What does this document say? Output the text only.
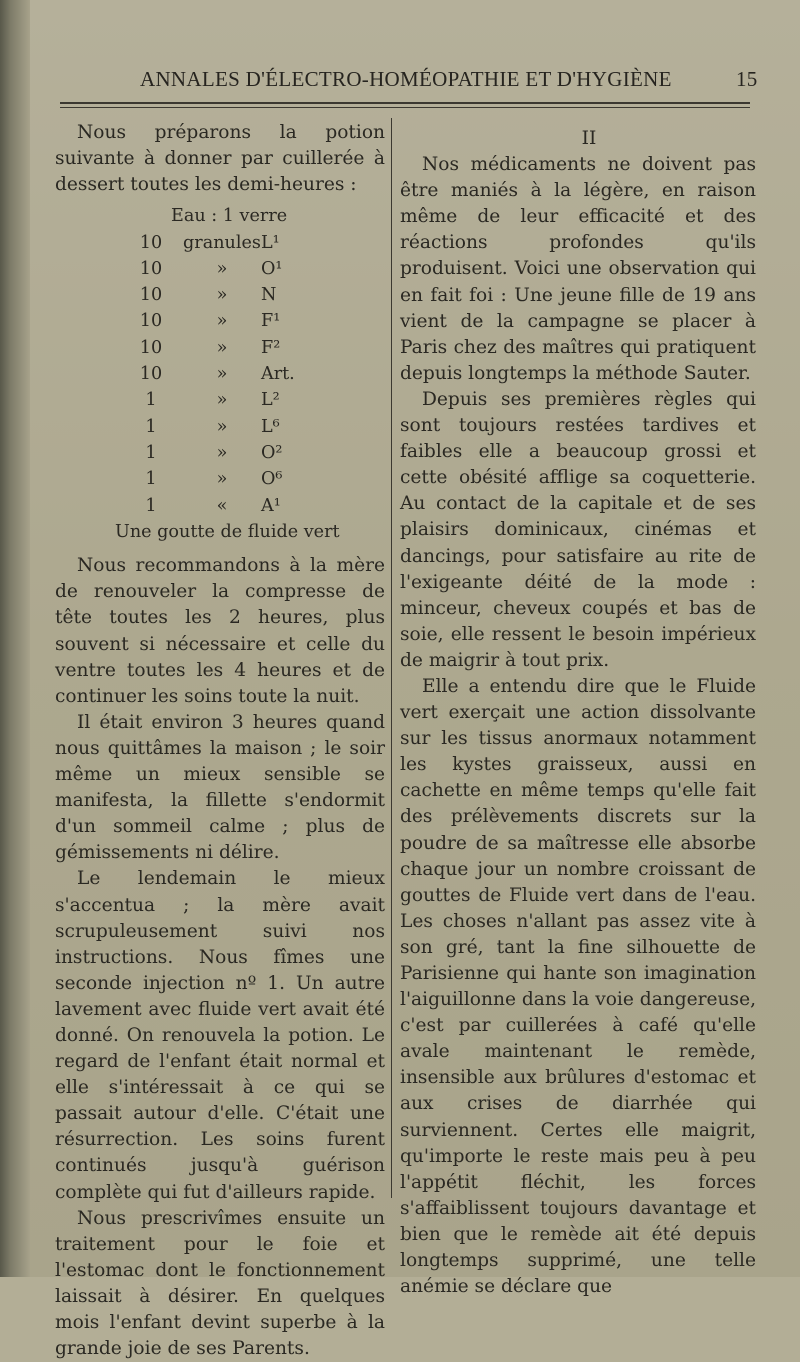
ANNALES D'ÉLECTRO-HOMÉOPATHIE ET D'HYGIÈNE	15

Nous préparons la potion suivante à donner par cuillerée à dessert toutes les demi-heures :

Eau : 1 verre
10	granules L¹
10	»	O¹
10	»	N
10	»	F¹
10	»	F²
10	»	Art.
1	»	L²
1	»	L⁶
1	»	O²
1	»	O⁶
1	«	A¹
Une goutte de fluide vert

Nous recommandons à la mère de renouveler la compresse de tête toutes les 2 heures, plus souvent si nécessaire et celle du ventre toutes les 4 heures et de continuer les soins toute la nuit.

Il était environ 3 heures quand nous quittâmes la maison ; le soir même un mieux sensible se manifesta, la fillette s'endormit d'un sommeil calme ; plus de gémissements ni délire.

Le lendemain le mieux s'accentua ; la mère avait scrupuleusement suivi nos instructions. Nous fîmes une seconde injection nº 1. Un autre lavement avec fluide vert avait été donné. On renouvela la potion. Le regard de l'enfant était normal et elle s'intéressait à ce qui se passait autour d'elle. C'était une résurrection. Les soins furent continués jusqu'à guérison complète qui fut d'ailleurs rapide.

Nous prescrivîmes ensuite un traitement pour le foie et l'estomac dont le fonctionnement laissait à désirer. En quelques mois l'enfant devint superbe à la grande joie de ses Parents.

II

Nos médicaments ne doivent pas être maniés à la légère, en raison même de leur efficacité et des réactions profondes qu'ils produisent. Voici une observation qui en fait foi : Une jeune fille de 19 ans vient de la campagne se placer à Paris chez des maîtres qui pratiquent depuis longtemps la méthode Sauter.

Depuis ses premières règles qui sont toujours restées tardives et faibles elle a beaucoup grossi et cette obésité afflige sa coquetterie. Au contact de la capitale et de ses plaisirs dominicaux, cinémas et dancings, pour satisfaire au rite de l'exigeante déité de la mode : minceur, cheveux coupés et bas de soie, elle ressent le besoin impérieux de maigrir à tout prix.

Elle a entendu dire que le Fluide vert exerçait une action dissolvante sur les tissus anormaux notamment les kystes graisseux, aussi en cachette en même temps qu'elle fait des prélèvements discrets sur la poudre de sa maîtresse elle absorbe chaque jour un nombre croissant de gouttes de Fluide vert dans de l'eau. Les choses n'allant pas assez vite à son gré, tant la fine silhouette de Parisienne qui hante son imagination l'aiguillonne dans la voie dangereuse, c'est par cuillerées à café qu'elle avale maintenant le remède, insensible aux brûlures d'estomac et aux crises de diarrhée qui surviennent. Certes elle maigrit, qu'importe le reste mais peu à peu l'appétit fléchit, les forces s'affaiblissent toujours davantage et bien que le remède ait été depuis longtemps supprimé, une telle anémie se déclare que
